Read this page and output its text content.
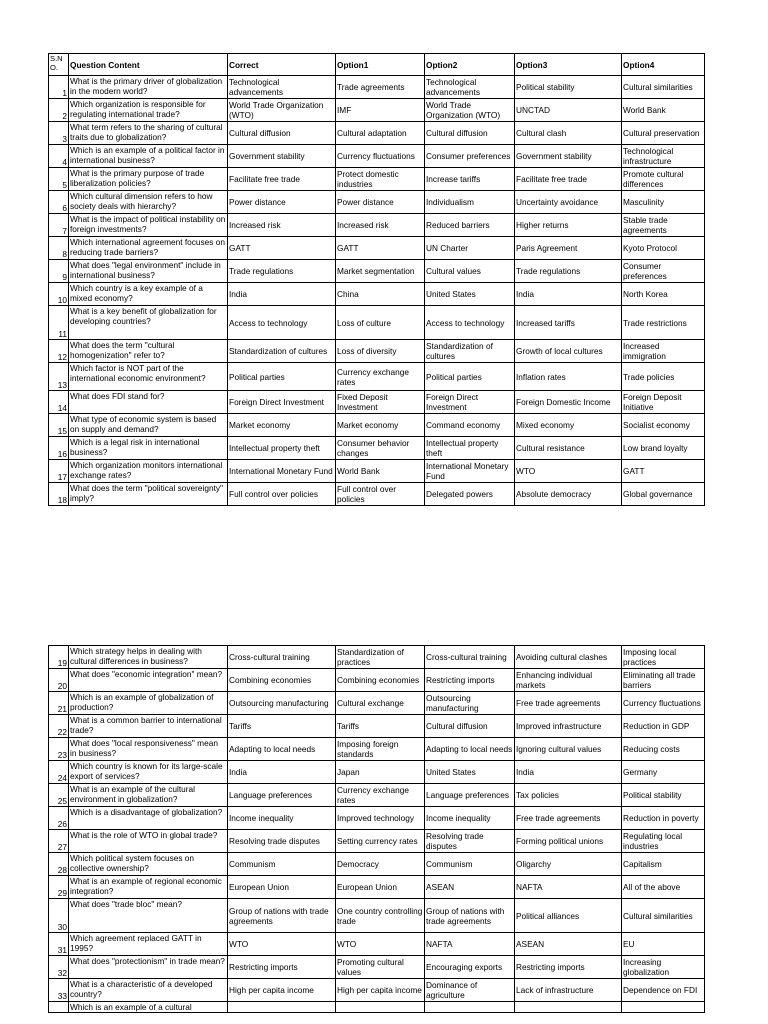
S.N O.	Question Content	Correct	Option1	Option2	Option3	Option4
1	What is the primary driver of globalization in the modern world?	Technological advancements	Trade agreements	Technological advancements	Political stability	Cultural similarities
2	Which organization is responsible for regulating international trade?	World Trade Organization (WTO)	IMF	World Trade Organization (WTO)	UNCTAD	World Bank
3	What term refers to the sharing of cultural traits due to globalization?	Cultural diffusion	Cultural adaptation	Cultural diffusion	Cultural clash	Cultural preservation
4	Which is an example of a political factor in international business?	Government stability	Currency fluctuations	Consumer preferences	Government stability	Technological infrastructure
5	What is the primary purpose of trade liberalization policies?	Facilitate free trade	Protect domestic industries	Increase tariffs	Facilitate free trade	Promote cultural differences
6	Which cultural dimension refers to how society deals with hierarchy?	Power distance	Power distance	Individualism	Uncertainty avoidance	Masculinity
7	What is the impact of political instability on foreign investments?	Increased risk	Increased risk	Reduced barriers	Higher returns	Stable trade agreements
8	Which international agreement focuses on reducing trade barriers?	GATT	GATT	UN Charter	Paris Agreement	Kyoto Protocol
9	What does "legal environment" include in international business?	Trade regulations	Market segmentation	Cultural values	Trade regulations	Consumer preferences
10	Which country is a key example of a mixed economy?	India	China	United States	India	North Korea
11	What is a key benefit of globalization for developing countries?	Access to technology	Loss of culture	Access to technology	Increased tariffs	Trade restrictions
12	What does the term "cultural homogenization" refer to?	Standardization of cultures	Loss of diversity	Standardization of cultures	Growth of local cultures	Increased immigration
13	Which factor is NOT part of the international economic environment?	Political parties	Currency exchange rates	Political parties	Inflation rates	Trade policies
14	What does FDI stand for?	Foreign Direct Investment	Fixed Deposit Investment	Foreign Direct Investment	Foreign Domestic Income	Foreign Deposit Initiative
15	What type of economic system is based on supply and demand?	Market economy	Market economy	Command economy	Mixed economy	Socialist economy
16	Which is a legal risk in international business?	Intellectual property theft	Consumer behavior changes	Intellectual property theft	Cultural resistance	Low brand loyalty
17	Which organization monitors international exchange rates?	International Monetary Fund	World Bank	International Monetary Fund	WTO	GATT
18	What does the term "political sovereignty" imply?	Full control over policies	Full control over policies	Delegated powers	Absolute democracy	Global governance
19	Which strategy helps in dealing with cultural differences in business?	Cross-cultural training	Standardization of practices	Cross-cultural training	Avoiding cultural clashes	Imposing local practices
20	What does "economic integration" mean?	Combining economies	Combining economies	Restricting imports	Enhancing individual markets	Eliminating all trade barriers
21	Which is an example of globalization of production?	Outsourcing manufacturing	Cultural exchange	Outsourcing manufacturing	Free trade agreements	Currency fluctuations
22	What is a common barrier to international trade?	Tariffs	Tariffs	Cultural diffusion	Improved infrastructure	Reduction in GDP
23	What does "local responsiveness" mean in business?	Adapting to local needs	Imposing foreign standards	Adapting to local needs	Ignoring cultural values	Reducing costs
24	Which country is known for its large-scale export of services?	India	Japan	United States	India	Germany
25	What is an example of the cultural environment in globalization?	Language preferences	Currency exchange rates	Language preferences	Tax policies	Political stability
26	Which is a disadvantage of globalization?	Income inequality	Improved technology	Income inequality	Free trade agreements	Reduction in poverty
27	What is the role of WTO in global trade?	Resolving trade disputes	Setting currency rates	Resolving trade disputes	Forming political unions	Regulating local industries
28	Which political system focuses on collective ownership?	Communism	Democracy	Communism	Oligarchy	Capitalism
29	What is an example of regional economic integration?	European Union	European Union	ASEAN	NAFTA	All of the above
30	What does "trade bloc" mean?	Group of nations with trade agreements	One country controlling trade	Group of nations with trade agreements	Political alliances	Cultural similarities
31	Which agreement replaced GATT in 1995?	WTO	WTO	NAFTA	ASEAN	EU
32	What does "protectionism" in trade mean?	Restricting imports	Promoting cultural values	Encouraging exports	Restricting imports	Increasing globalization
33	What is a characteristic of a developed country?	High per capita income	High per capita income	Dominance of agriculture	Lack of infrastructure	Dependence on FDI
	Which is an example of a cultural					
